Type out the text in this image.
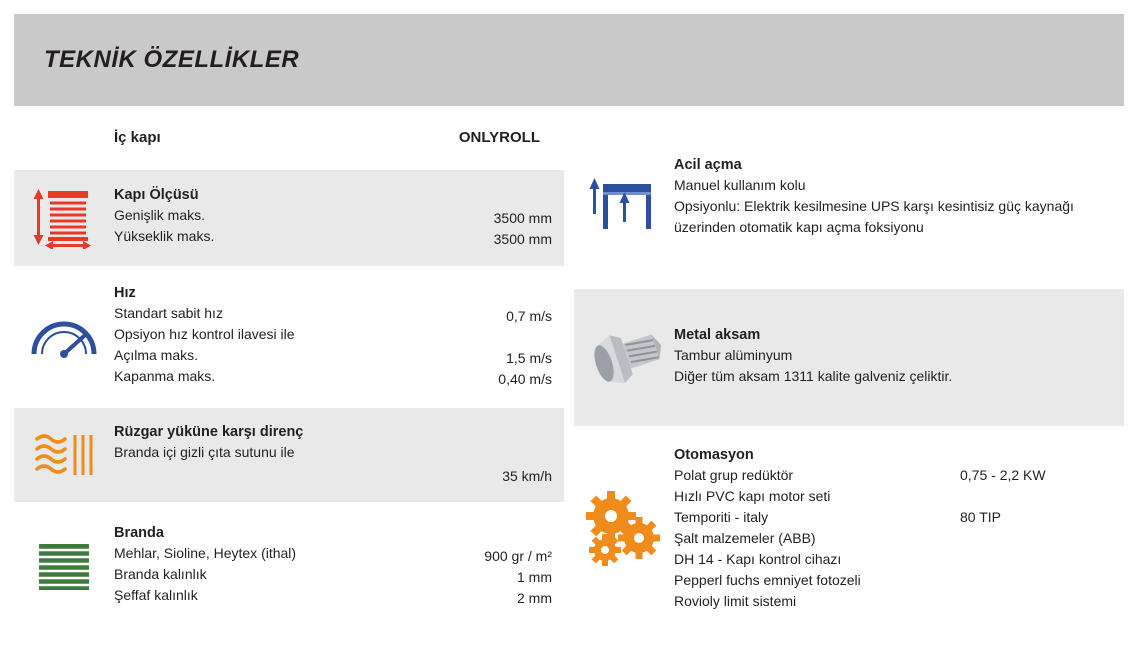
TEKNİK ÖZELLİKLER
İç kapı	ONLYROLL
Kapı Ölçüsü
Genişlik maks.
Yükseklik maks.
3500 mm
3500 mm
Hız
Standart sabit hız
Opsiyon hız kontrol ilavesi ile
Açılma maks.
Kapanma maks.
0,7 m/s
1,5 m/s
0,40 m/s
Rüzgar yüküne karşı direnç
Branda içi gizli çıta sutunu ile
35 km/h
Branda
Mehlar, Sioline, Heytex (ithal)
Branda kalınlık
Şeffaf kalınlık
900 gr / m²
1 mm
2 mm
Acil açma
Manuel kullanım kolu
Opsiyonlu: Elektrik kesilmesine UPS karşı kesintisiz güç kaynağı
üzerinden otomatik kapı açma foksiyonu
Metal aksam
Tambur alüminyum
Diğer tüm aksam 1311 kalite galveniz çeliktir.
Otomasyon
Polat grup redüktör
Hızlı PVC kapı motor seti
Temporiti - italy
Şalt malzemeler (ABB)
DH 14 - Kapı kontrol cihazı
Pepperl fuchs emniyet fotozeli
Rovioly limit sistemi
0,75 - 2,2 KW
80 TIP
